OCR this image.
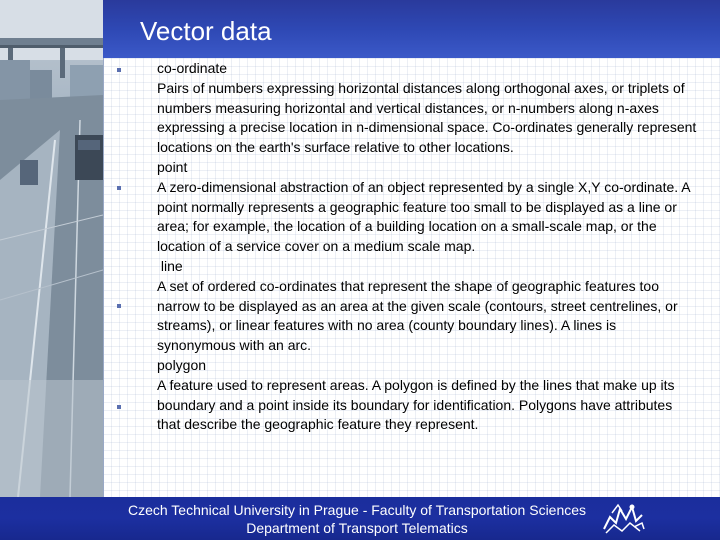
Vector data
co-ordinate
Pairs of numbers expressing horizontal distances along orthogonal axes, or triplets of numbers measuring horizontal and vertical distances, or n-numbers along n-axes expressing a precise location in n-dimensional space. Co-ordinates generally represent locations on the earth's surface relative to other locations.
point
A zero-dimensional abstraction of an object represented by a single X,Y co-ordinate. A point normally represents a geographic feature too small to be displayed as a line or area; for example, the location of a building location on a small-scale map, or the location of a service cover on a medium scale map.
line
A set of ordered co-ordinates that represent the shape of geographic features too narrow to be displayed as an area at the given scale (contours, street centrelines, or streams), or linear features with no area (county boundary lines). A lines is synonymous with an arc.
polygon
A feature used to represent areas. A polygon is defined by the lines that make up its boundary and a point inside its boundary for identification. Polygons have attributes that describe the geographic feature they represent.
Czech Technical University in Prague - Faculty of Transportation Sciences
Department of Transport Telematics
